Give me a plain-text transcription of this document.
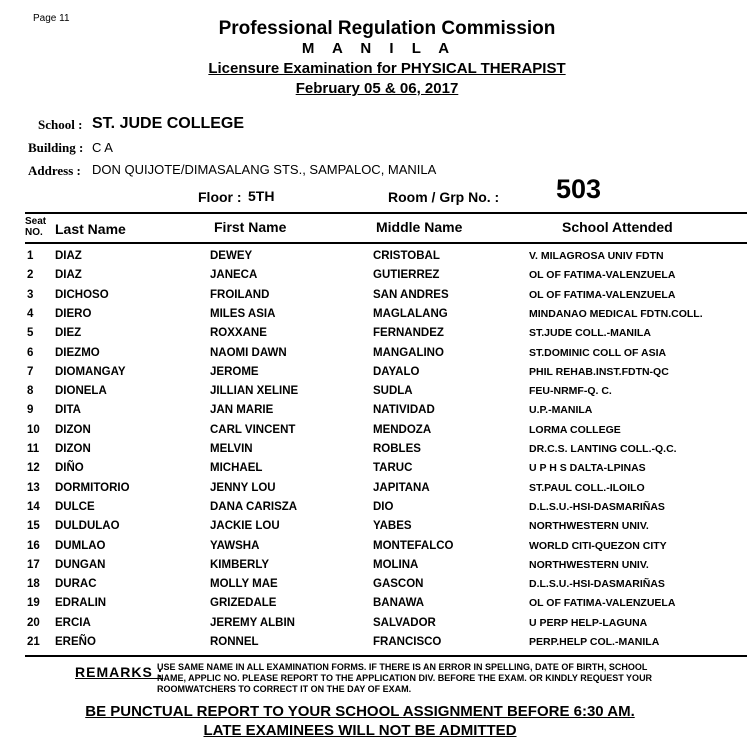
Page 11	Professional Regulation Commission
M A N I L A
Licensure Examination for PHYSICAL THERAPIST
February 05 & 06, 2017
School : ST. JUDE COLLEGE
Building : C A
Address : DON QUIJOTE/DIMASALANG STS., SAMPALOC, MANILA
Floor : 5TH	Room / Grp No. : 503
Seat
NO. Last Name	First Name	Middle Name	School Attended
1 DIAZ	DEWEY	CRISTOBAL	V. MILAGROSA UNIV FDTN
2 DIAZ	JANECA	GUTIERREZ	OL OF FATIMA-VALENZUELA
3 DICHOSO	FROILAND	SAN ANDRES	OL OF FATIMA-VALENZUELA
4 DIERO	MILES ASIA	MAGLALANG	MINDANAO MEDICAL FDTN.COLL.
5 DIEZ	ROXXANE	FERNANDEZ	ST.JUDE COLL.-MANILA
6 DIEZMO	NAOMI DAWN	MANGALINO	ST.DOMINIC COLL OF ASIA
7 DIOMANGAY	JEROME	DAYALO	PHIL REHAB.INST.FDTN-QC
8 DIONELA	JILLIAN XELINE	SUDLA	FEU-NRMF-Q. C.
9 DITA	JAN MARIE	NATIVIDAD	U.P.-MANILA
10 DIZON	CARL VINCENT	MENDOZA	LORMA COLLEGE
11 DIZON	MELVIN	ROBLES	DR.C.S. LANTING COLL.-Q.C.
12 DIÑO	MICHAEL	TARUC	U P H S DALTA-LPINAS
13 DORMITORIO	JENNY LOU	JAPITANA	ST.PAUL COLL.-ILOILO
14 DULCE	DANA CARISZA	DIO	D.L.S.U.-HSI-DASMARIÑAS
15 DULDULAO	JACKIE LOU	YABES	NORTHWESTERN UNIV.
16 DUMLAO	YAWSHA	MONTEFALCO	WORLD CITI-QUEZON CITY
17 DUNGAN	KIMBERLY	MOLINA	NORTHWESTERN UNIV.
18 DURAC	MOLLY MAE	GASCON	D.L.S.U.-HSI-DASMARIÑAS
19 EDRALIN	GRIZEDALE	BANAWA	OL OF FATIMA-VALENZUELA
20 ERCIA	JEREMY ALBIN	SALVADOR	U PERP HELP-LAGUNA
21 EREÑO	RONNEL	FRANCISCO	PERP.HELP COL.-MANILA
REMARKS :
USE SAME NAME IN ALL EXAMINATION FORMS. IF THERE IS AN ERROR IN SPELLING, DATE OF BIRTH, SCHOOL NAME, APPLIC NO. PLEASE REPORT TO THE APPLICATION DIV. BEFORE THE EXAM. OR KINDLY REQUEST YOUR ROOMWATCHERS TO CORRECT IT ON THE DAY OF EXAM.
BE PUNCTUAL REPORT TO YOUR SCHOOL ASSIGNMENT BEFORE 6:30 AM.
LATE EXAMINEES WILL NOT BE ADMITTED
